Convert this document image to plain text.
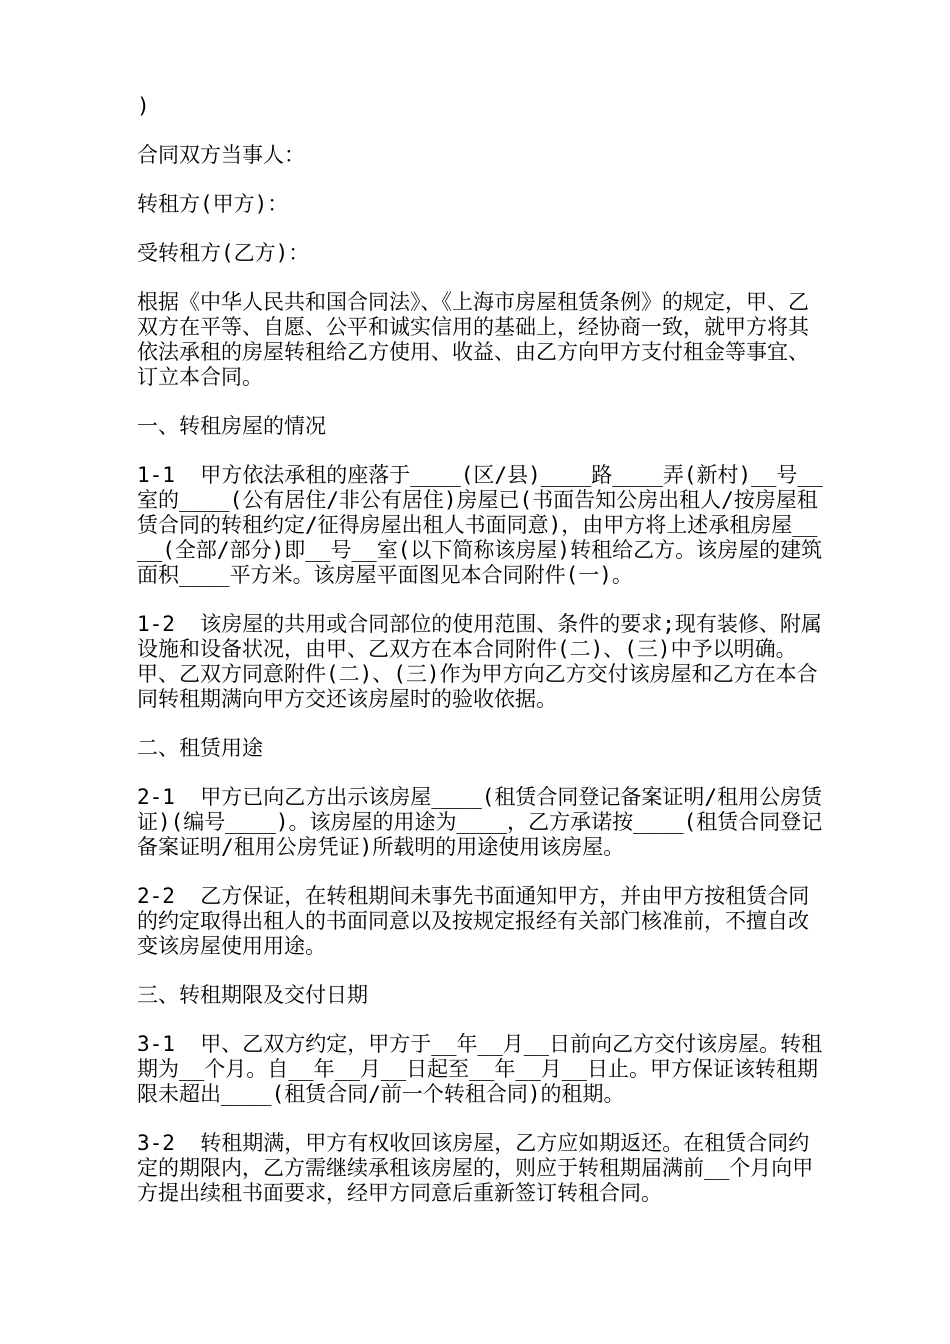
)

合同双方当事人：

转租方(甲方)：

受转租方(乙方)：

根据《中华人民共和国合同法》、《上海市房屋租赁条例》的规定，甲、乙双方在平等、自愿、公平和诚实信用的基础上，经协商一致，就甲方将其依法承租的房屋转租给乙方使用、收益、由乙方向甲方支付租金等事宜、订立本合同。

一、转租房屋的情况

1-1  甲方依法承租的座落于____(区/县)____路____弄(新村)__号__室的____(公有居住/非公有居住)房屋已(书面告知公房出租人/按房屋租赁合同的转租约定/征得房屋出租人书面同意)，由甲方将上述承租房屋____(全部/部分)即__号__室(以下简称该房屋)转租给乙方。该房屋的建筑面积____平方米。该房屋平面图见本合同附件(一)。

1-2  该房屋的共用或合同部位的使用范围、条件的要求;现有装修、附属设施和设备状况，由甲、乙双方在本合同附件(二)、(三)中予以明确。甲、乙双方同意附件(二)、(三)作为甲方向乙方交付该房屋和乙方在本合同转租期满向甲方交还该房屋时的验收依据。

二、租赁用途

2-1  甲方已向乙方出示该房屋____(租赁合同登记备案证明/租用公房赁证)(编号____)。该房屋的用途为____，乙方承诺按____(租赁合同登记备案证明/租用公房凭证)所载明的用途使用该房屋。

2-2  乙方保证，在转租期间未事先书面通知甲方，并由甲方按租赁合同的约定取得出租人的书面同意以及按规定报经有关部门核准前，不擅自改变该房屋使用用途。

三、转租期限及交付日期

3-1  甲、乙双方约定，甲方于__年__月__日前向乙方交付该房屋。转租期为__个月。自__年__月__日起至__年__月__日止。甲方保证该转租期限未超出____(租赁合同/前一个转租合同)的租期。

3-2  转租期满，甲方有权收回该房屋，乙方应如期返还。在租赁合同约定的期限内，乙方需继续承租该房屋的，则应于转租期届满前__个月向甲方提出续租书面要求，经甲方同意后重新签订转租合同。
